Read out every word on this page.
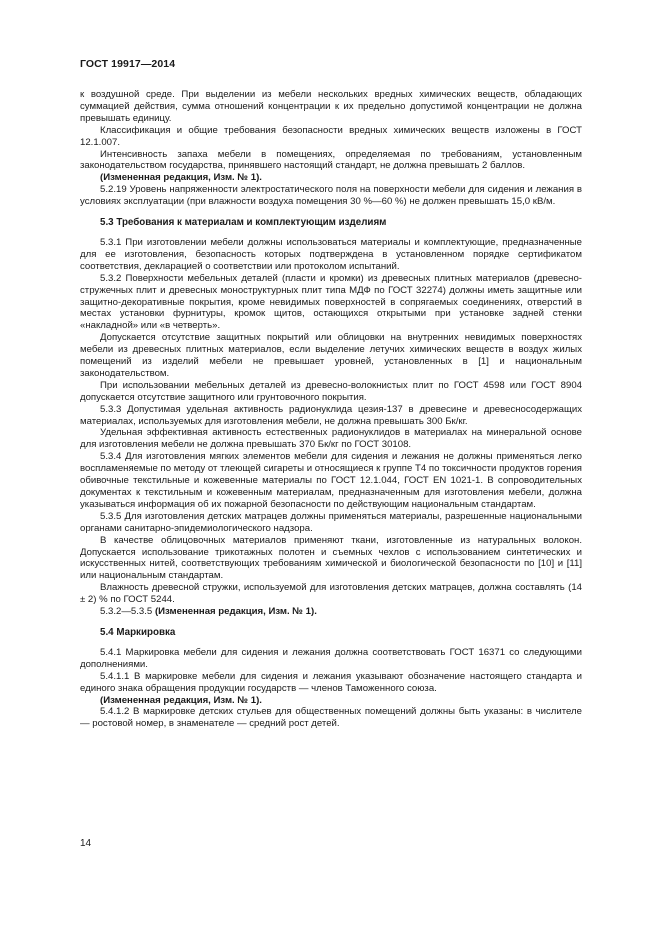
ГОСТ 19917—2014

к воздушной среде. При выделении из мебели нескольких вредных химических веществ, обладающих суммацией действия, сумма отношений концентрации к их предельно допустимой концентрации не должна превышать единицу.

Классификация и общие требования безопасности вредных химических веществ изложены в ГОСТ 12.1.007.

Интенсивность запаха мебели в помещениях, определяемая по требованиям, установленным законодательством государства, принявшего настоящий стандарт, не должна превышать 2 баллов.

(Измененная редакция, Изм. № 1).

5.2.19 Уровень напряженности электростатического поля на поверхности мебели для сидения и лежания в условиях эксплуатации (при влажности воздуха помещения 30 %—60 %) не должен превышать 15,0 кВ/м.

5.3 Требования к материалам и комплектующим изделиям

5.3.1 При изготовлении мебели должны использоваться материалы и комплектующие, предназначенные для ее изготовления, безопасность которых подтверждена в установленном порядке сертификатом соответствия, декларацией о соответствии или протоколом испытаний.

5.3.2 Поверхности мебельных деталей (пласти и кромки) из древесных плитных материалов (древесно-стружечных плит и древесных моноструктурных плит типа МДФ по ГОСТ 32274) должны иметь защитные или защитно-декоративные покрытия, кроме невидимых поверхностей в сопрягаемых соединениях, отверстий в местах установки фурнитуры, кромок щитов, остающихся открытыми при установке задней стенки «накладной» или «в четверть».

Допускается отсутствие защитных покрытий или облицовки на внутренних невидимых поверхностях мебели из древесных плитных материалов, если выделение летучих химических веществ в воздух жилых помещений из изделий мебели не превышает уровней, установленных в [1] и национальным законодательством.

При использовании мебельных деталей из древесно-волокнистых плит по ГОСТ 4598 или ГОСТ 8904 допускается отсутствие защитного или грунтовочного покрытия.

5.3.3 Допустимая удельная активность радионуклида цезия-137 в древесине и древесносодержащих материалах, используемых для изготовления мебели, не должна превышать 300 Бк/кг.

Удельная эффективная активность естественных радионуклидов в материалах на минеральной основе для изготовления мебели не должна превышать 370 Бк/кг по ГОСТ 30108.

5.3.4 Для изготовления мягких элементов мебели для сидения и лежания не должны применяться легко воспламеняемые по методу от тлеющей сигареты и относящиеся к группе Т4 по токсичности продуктов горения обивочные текстильные и кожевенные материалы по ГОСТ 12.1.044, ГОСТ EN 1021-1. В сопроводительных документах к текстильным и кожевенным материалам, предназначенным для изготовления мебели, должна указываться информация об их пожарной безопасности по действующим национальным стандартам.

5.3.5 Для изготовления детских матрацев должны применяться материалы, разрешенные национальными органами санитарно-эпидемиологического надзора.

В качестве облицовочных материалов применяют ткани, изготовленные из натуральных волокон. Допускается использование трикотажных полотен и съемных чехлов с использованием синтетических и искусственных нитей, соответствующих требованиям химической и биологической безопасности по [10] и [11] или национальным стандартам.

Влажность древесной стружки, используемой для изготовления детских матрацев, должна составлять (14 ± 2) % по ГОСТ 5244.

5.3.2—5.3.5 (Измененная редакция, Изм. № 1).

5.4 Маркировка

5.4.1 Маркировка мебели для сидения и лежания должна соответствовать ГОСТ 16371 со следующими дополнениями.

5.4.1.1 В маркировке мебели для сидения и лежания указывают обозначение настоящего стандарта и единого знака обращения продукции государств — членов Таможенного союза.

(Измененная редакция, Изм. № 1).

5.4.1.2 В маркировке детских стульев для общественных помещений должны быть указаны: в числителе — ростовой номер, в знаменателе — средний рост детей.

14
